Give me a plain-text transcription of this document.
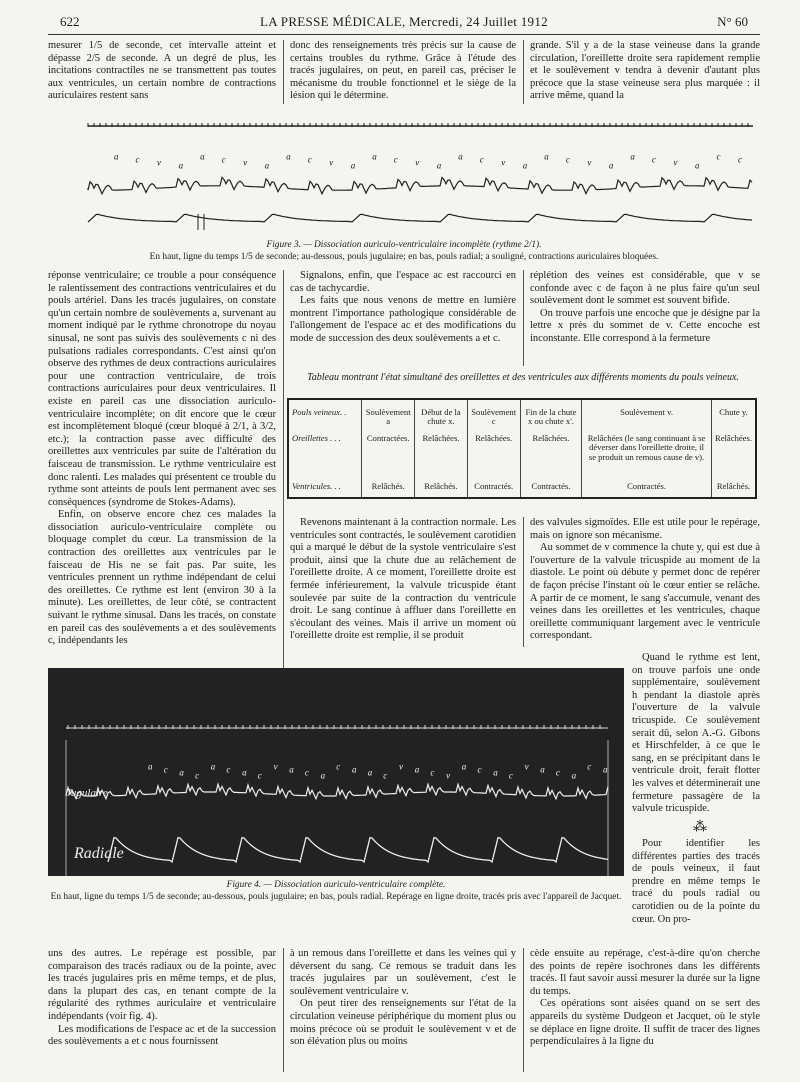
622	LA PRESSE MÉDICALE, Mercredi, 24 Juillet 1912	N° 60

mesurer 1/5 de seconde, cet intervalle atteint et dépasse 2/5 de seconde. A un degré de plus, les incitations contractiles ne se transmettent pas toutes aux ventricules, un certain nombre de contractions auriculaires restent sans

donc des renseignements très précis sur la cause de certains troubles du rythme. Grâce à l'étude des tracés jugulaires, on peut, en pareil cas, préciser le mécanisme du trouble fonctionnel et le siège de la lésion qui le détermine.

grande. S'il y a de la stase veineuse dans la grande circulation, l'oreillette droite sera rapidement remplie et le soulèvement v tendra à devenir d'autant plus précoce que la stase veineuse sera plus marquée : il arrive même, quand la

a c v a
a c v a
a c v a
a c v a
a c v a
a c v a
a c v a
c c
Figure 3. — Dissociation auriculo-ventriculaire incomplète (rythme 2/1).
En haut, ligne du temps 1/5 de seconde; au-dessous, pouls jugulaire; en bas, pouls radial; a souligné, contractions auriculaires bloquées.

réponse ventriculaire; ce trouble a pour conséquence le ralentissement des contractions ventriculaires et du pouls artériel. Dans les tracés jugulaires, on constate qu'un certain nombre de soulèvements a, survenant au moment indiqué par le rythme chronotrope du noyau sinusal, ne sont pas suivis des soulèvements c ni des pulsations radiales correspondants. C'est ainsi qu'on observe des rythmes de deux contractions auriculaires pour une contraction ventriculaire, de trois contractions auriculaires pour deux ventriculaires. Il existe en pareil cas une dissociation auriculo-ventriculaire incomplète; on dit encore que le cœur est incomplètement bloqué (cœur bloqué à 2/1, à 3/2, etc.); la contraction passe avec difficulté des oreillettes aux ventricules par suite de l'altération du faisceau de transmission. Le rythme ventriculaire est donc ralenti. Les malades qui présentent ce trouble du rythme sont atteints de pouls lent permanent avec ses conséquences (syndrome de Stokes-Adams).

Enfin, on observe encore chez ces malades la dissociation auriculo-ventriculaire complète ou bloquage complet du cœur. La transmission de la contraction des oreillettes aux ventricules par le faisceau de His ne se fait pas. Par suite, les ventricules prennent un rythme indépendant de celui des oreillettes. Ce rythme est lent (environ 30 à la minute). Les oreillettes, de leur côté, se contractent suivant le rythme sinusal. Dans les tracés, on constate en pareil cas des soulèvements a et des soulèvements c, indépendants les

Signalons, enfin, que l'espace ac est raccourci en cas de tachycardie.

Les faits que nous venons de mettre en lumière montrent l'importance pathologique considérable de l'allongement de l'espace ac et des modifications du mode de succession des deux soulèvements a et c.

réplétion des veines est considérable, que v se confonde avec c de façon à ne plus faire qu'un seul soulèvement dont le sommet est souvent bifide.

On trouve parfois une encoche que je désigne par la lettre x près du sommet de v. Cette encoche est inconstante. Elle correspond à la fermeture

Tableau montrant l'état simultané des oreillettes et des ventricules aux différents moments du pouls veineux.
Pouls veineux. .	Soulèvement a	Début de la chute x.	Soulèvement c	Fin de la chute x ou chute x'.	Soulèvement v.	Chute y.
Oreillettes . . .	Contractées.	Relâchées.	Relâchées.	Relâchées.	Relâchées (le sang continuant à se déverser dans l'oreillette droite, il se produit un remous cause de v).	Relâchées.
Ventricules. . .	Relâchés.	Relâchés.	Contractés.	Contractés.	Contractés.	Relâchés.

Revenons maintenant à la contraction normale. Les ventricules sont contractés, le soulèvement carotidien qui a marqué le début de la systole ventriculaire s'est produit, ainsi que la chute due au relâchement de l'oreillette droite. A ce moment, l'oreillette droite est fermée inférieurement, la valvule tricuspide étant soulevée par suite de la contraction du ventricule droit. Le sang continue à affluer dans l'oreillette en s'écoulant des veines. Mais il arrive un moment où l'oreillette droite est remplie, il se produit

des valvules sigmoïdes. Elle est utile pour le repérage, mais on ignore son mécanisme.

Au sommet de v commence la chute y, qui est due à l'ouverture de la valvule tricuspide au moment de la diastole. Le point où débute y permet donc de repérer de façon précise l'instant où le cœur entier se relâche. A partir de ce moment, le sang s'accumule, venant des veines dans les oreillettes et les ventricules, chaque oreillette communiquant largement avec le ventricule correspondant.

Jugulaire
a c a c
a c a c
v a c a
c a a c
v a c v
a c a c
v a c a
c a
Radiale

Quand le rythme est lent, on trouve parfois une onde supplémentaire, soulèvement h pendant la diastole après l'ouverture de la valvule tricuspide. Ce soulèvement serait dû, selon A.-G. Gibons et Hirschfelder, à ce que le sang, en se précipitant dans le ventricule droit, ferait flotter les valves et déterminerait une fermeture passagère de la valvule tricuspide.

⁂

Pour identifier les différentes parties des tracés de pouls veineux, il faut prendre en même temps le tracé du pouls radial ou carotidien ou de la pointe du cœur. On pro-

Figure 4. — Dissociation auriculo-ventriculaire complète.
En haut, ligne du temps 1/5 de seconde; au-dessous, pouls jugulaire; en bas, pouls radial. Repérage en ligne droite, tracés pris avec l'appareil de Jacquet.

uns des autres. Le repérage est possible, par comparaison des tracés radiaux ou de la pointe, avec les tracés jugulaires pris en même temps, et de plus, dans la plupart des cas, en tenant compte de la régularité des rythmes auriculaire et ventriculaire indépendants (voir fig. 4).

Les modifications de l'espace ac et de la succession des soulèvements a et c nous fournissent

à un remous dans l'oreillette et dans les veines qui y déversent du sang. Ce remous se traduit dans les tracés jugulaires par un soulèvement, c'est le soulèvement ventriculaire v.

On peut tirer des renseignements sur l'état de la circulation veineuse périphérique du moment plus ou moins précoce où se produit le soulèvement v et de son élévation plus ou moins

cède ensuite au repérage, c'est-à-dire qu'on cherche des points de repère isochrones dans les différents tracés. Il faut savoir aussi mesurer la durée sur la ligne du temps.

Ces opérations sont aisées quand on se sert des appareils du système Dudgeon et Jacquet, où le style se déplace en ligne droite. Il suffit de tracer des lignes perpendiculaires à la ligne du
